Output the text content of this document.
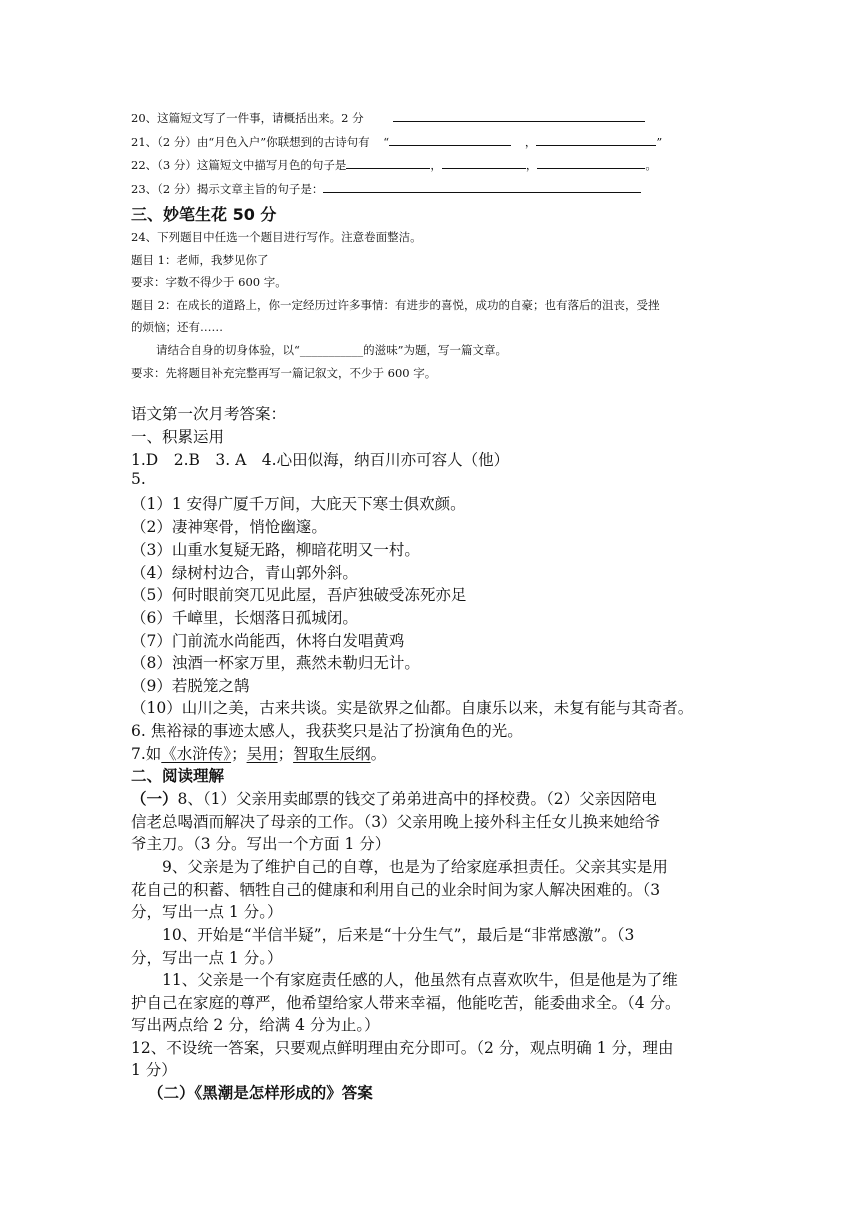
20、这篇短文写了一件事，请概括出来。2 分
21、（2 分）由“月色入户”你联想到的古诗句有 “	，	”
22、（3 分）这篇短文中描写月色的句子是	，	，	。
23、（2 分）揭示文章主旨的句子是：
三、妙笔生花 50 分
24、下列题目中任选一个题目进行写作。注意卷面整洁。
题目 1：老师，我梦见你了
要求：字数不得少于 600 字。
题目 2：在成长的道路上，你一定经历过许多事情：有进步的喜悦，成功的自豪；也有落后的沮丧，受挫
的烦恼；还有……
请结合自身的切身体验，以“___________的滋味”为题，写一篇文章。
要求：先将题目补充完整再写一篇记叙文，不少于 600 字。
语文第一次月考答案：
一、积累运用
1.D　2.B　3. A　4.心田似海，纳百川亦可容人（他）
5.
（1）1 安得广厦千万间，大庇天下寒士俱欢颜。
（2）凄神寒骨，悄怆幽邃。
（3）山重水复疑无路，柳暗花明又一村。
（4）绿树村边合，青山郭外斜。
（5）何时眼前突兀见此屋，吾庐独破受冻死亦足
（6）千嶂里，长烟落日孤城闭。
（7）门前流水尚能西，休将白发唱黄鸡
（8）浊酒一杯家万里，燕然未勒归无计。
（9）若脱笼之鹄
（10）山川之美，古来共谈。实是欲界之仙都。自康乐以来，未复有能与其奇者。
6. 焦裕禄的事迹太感人，我获奖只是沾了扮演角色的光。
7.如《水浒传》；吴用；智取生辰纲。
二、阅读理解
（一）8、（1）父亲用卖邮票的钱交了弟弟进高中的择校费。（2）父亲因陪电
信老总喝酒而解决了母亲的工作。（3）父亲用晚上接外科主任女儿换来她给爷
爷主刀。（3 分。写出一个方面 1 分）
9、父亲是为了维护自己的自尊，也是为了给家庭承担责任。父亲其实是用
花自己的积蓄、牺牲自己的健康和利用自己的业余时间为家人解决困难的。（3
分，写出一点 1 分。）
10、开始是“半信半疑”，后来是“十分生气”，最后是“非常感激”。（3
分，写出一点 1 分。）
11、父亲是一个有家庭责任感的人，他虽然有点喜欢吹牛，但是他是为了维
护自己在家庭的尊严，他希望给家人带来幸福，他能吃苦，能委曲求全。（4 分。
写出两点给 2 分，给满 4 分为止。）
12、不设统一答案，只要观点鲜明理由充分即可。（2 分，观点明确 1 分，理由
1 分）
（二）《黑潮是怎样形成的》答案
